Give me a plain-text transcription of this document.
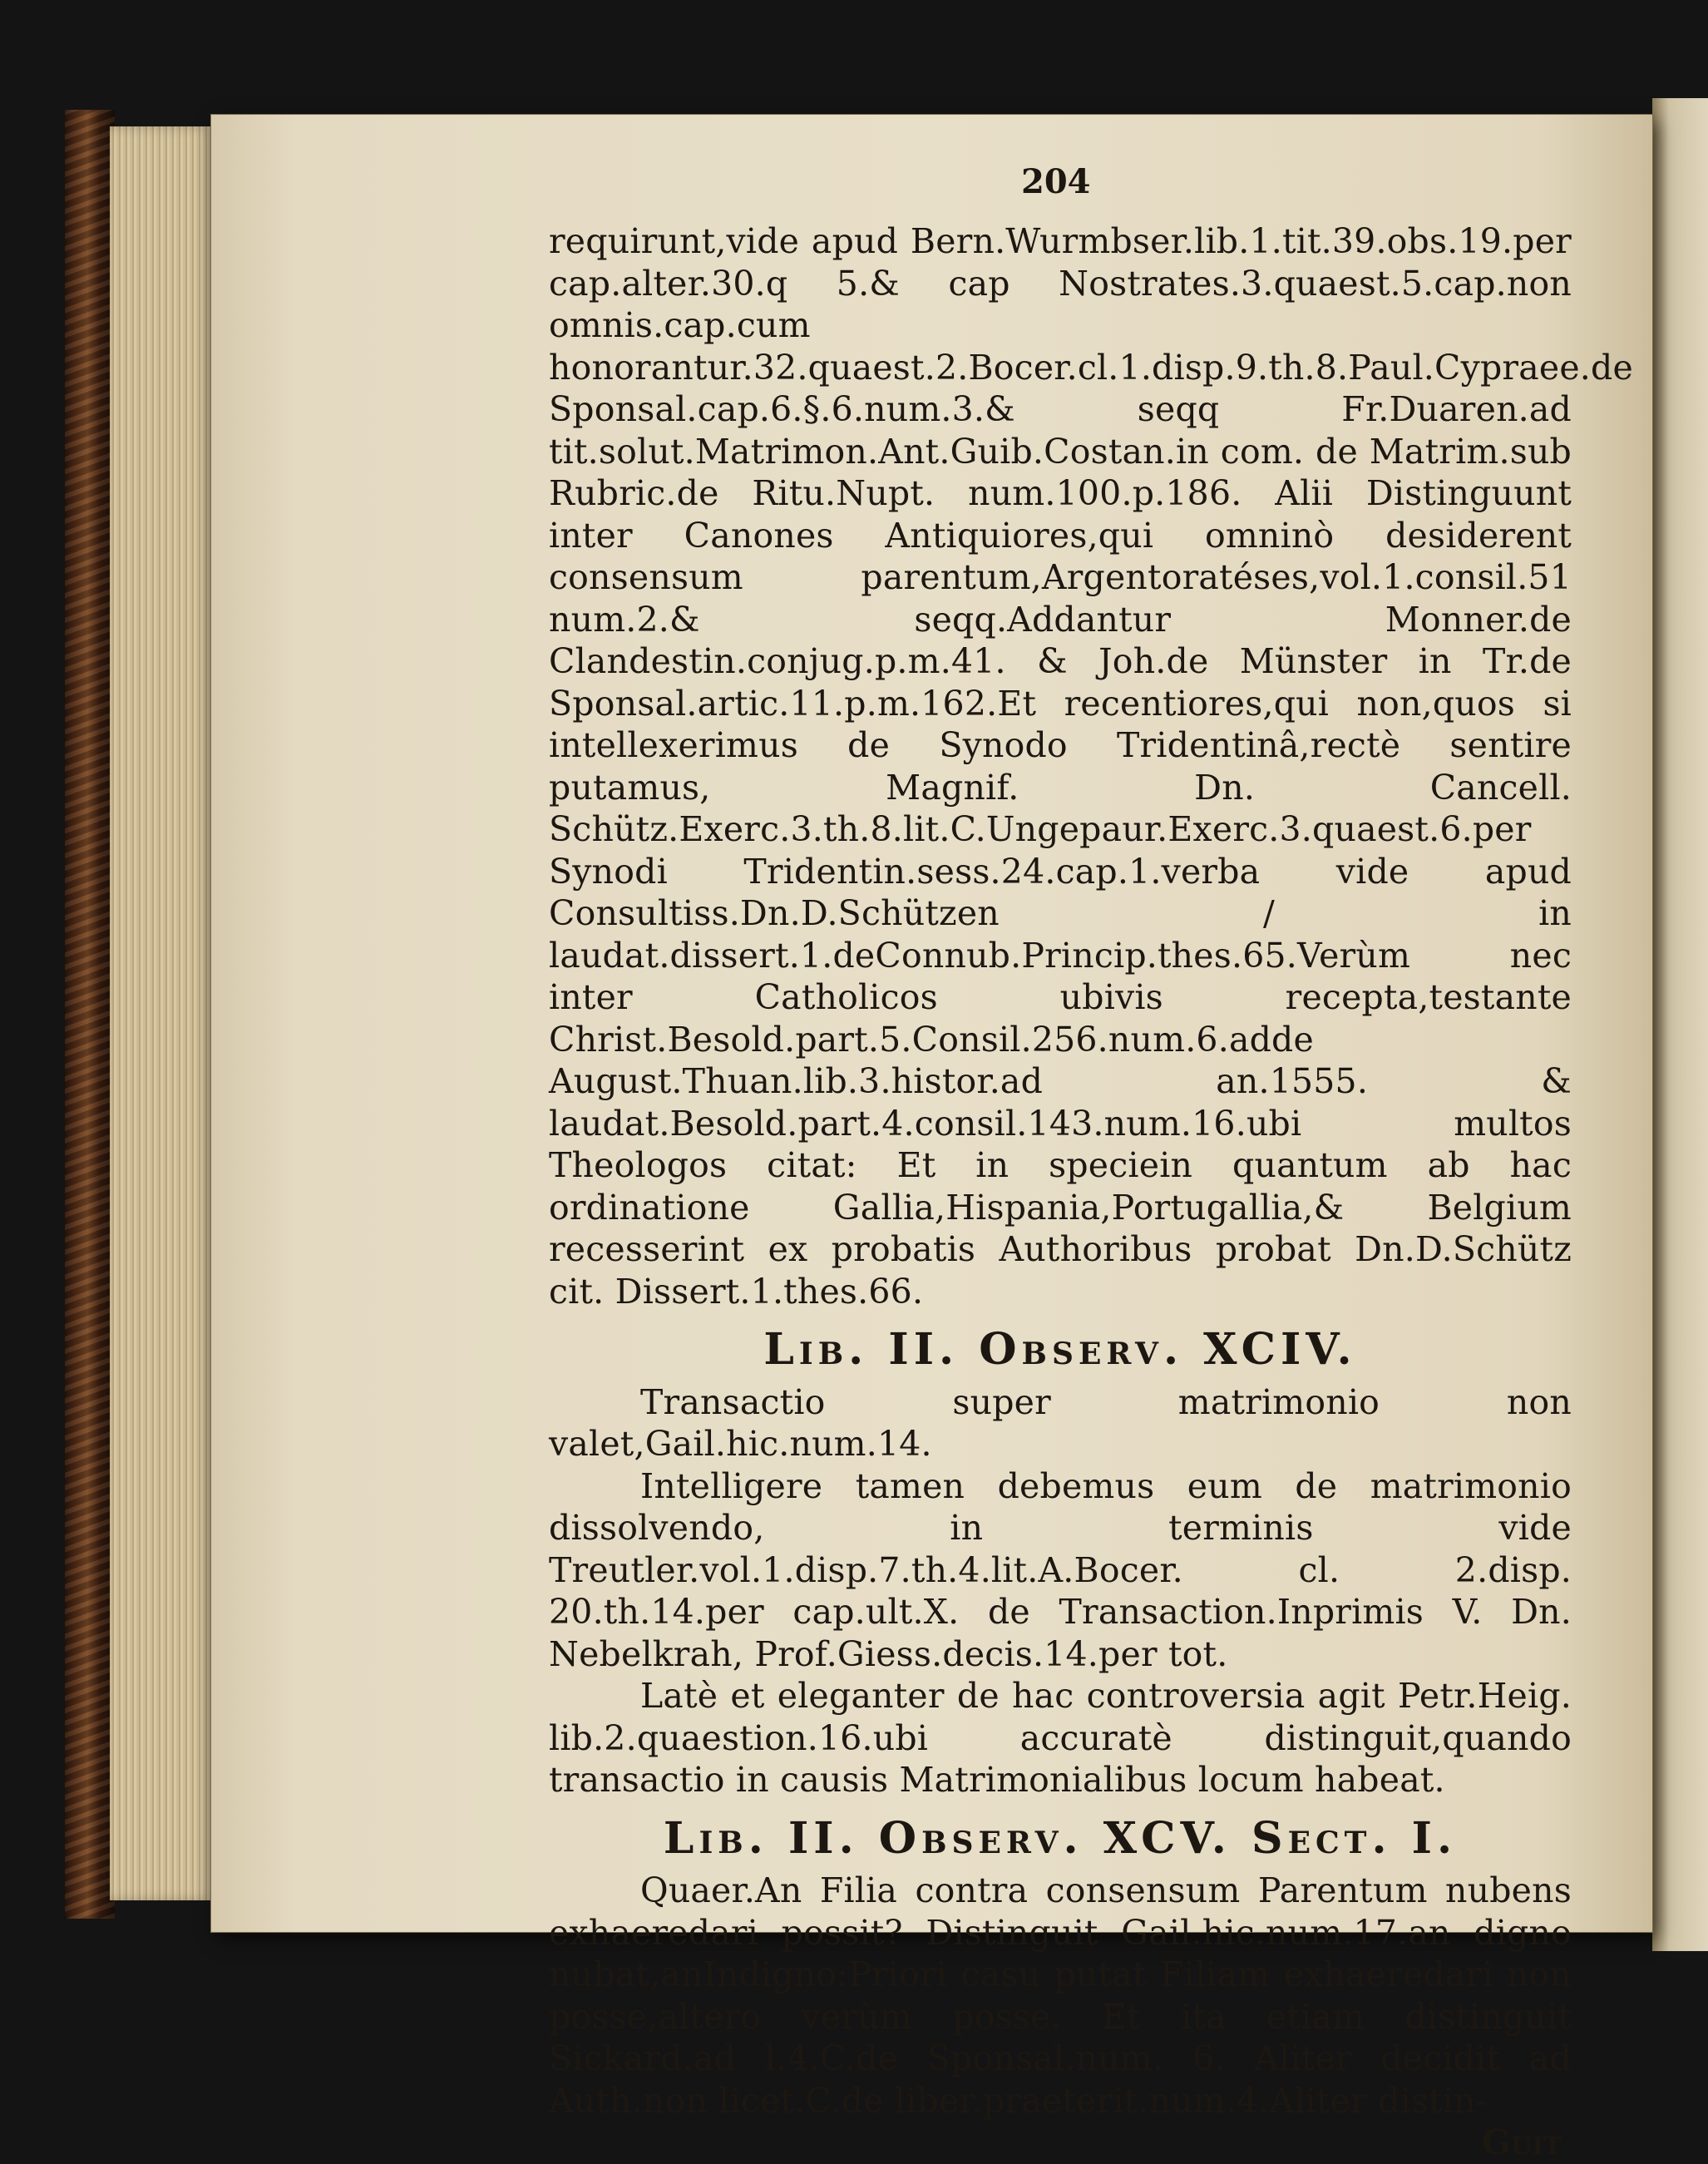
204

requirunt,vide apud Bern.Wurmbser.lib.1.tit.39.obs.19.per cap.alter.30.q 5.& cap Nostrates.3.quaest.5.cap.non omnis.cap.cum honorantur.32.quaest.2.Bocer.cl.1.disp.9.th.8.Paul.Cypraee.de Sponsal.cap.6.§.6.num.3.& seqq Fr.Duaren.ad tit.solut.Matrimon.Ant.Guib.Costan.in com. de Matrim.sub Rubric.de Ritu.Nupt. num.100.p.186. Alii Distinguunt inter Canones Antiquiores,qui omninò desiderent consensum parentum,Argentoratéses,vol.1.consil.51 num.2.& seqq.Addantur Monner.de Clandestin.conjug.p.m.41. & Joh.de Münster in Tr.de Sponsal.artic.11.p.m.162.Et recentiores,qui non,quos si intellexerimus de Synodo Tridentinâ,rectè sentire putamus, Magnif. Dn. Cancell. Schütz.Exerc.3.th.8.lit.C.Ungepaur.Exerc.3.quaest.6.per Synodi Tridentin.sess.24.cap.1.verba vide apud Consultiss.Dn.D.Schützen / in laudat.dissert.1.deConnub.Princip.thes.65.Verùm nec inter Catholicos ubivis recepta,testante Christ.Besold.part.5.Consil.256.num.6.adde August.Thuan.lib.3.histor.ad an.1555. & laudat.Besold.part.4.consil.143.num.16.ubi multos Theologos citat: Et in speciein quantum ab hac ordinatione Gallia,Hispania,Portugallia,& Belgium recesserint ex probatis Authoribus probat Dn.D.Schütz cit. Dissert.1.thes.66.

Lib. II. Observ. XCIV.

Transactio super matrimonio non valet,Gail.hic.num.14.

Intelligere tamen debemus eum de matrimonio dissolvendo, in terminis vide Treutler.vol.1.disp.7.th.4.lit.A.Bocer. cl. 2.disp. 20.th.14.per cap.ult.X. de Transaction.Inprimis V. Dn. Nebelkrah, Prof.Giess.decis.14.per tot.

Latè et eleganter de hac controversia agit Petr.Heig. lib.2.quaestion.16.ubi accuratè distinguit,quando transactio in causis Matrimonialibus locum habeat.

Lib. II. Observ. XCV. Sect. I.

Quaer.An Filia contra consensum Parentum nubens exhaeredari possit? Distinguit Gail.hic.num.17.an digno nubat,anIndigno:Priori casu putat Filiam exhaeredari non posse,altero verùm posse. Et ita etiam distinguit Sickard.ad l.4.C.de Sponsal.num. 6. Aliter decidit ad Auth.non licet.C.de liber.praeterit.num.4.Aliter distin-

Guit
